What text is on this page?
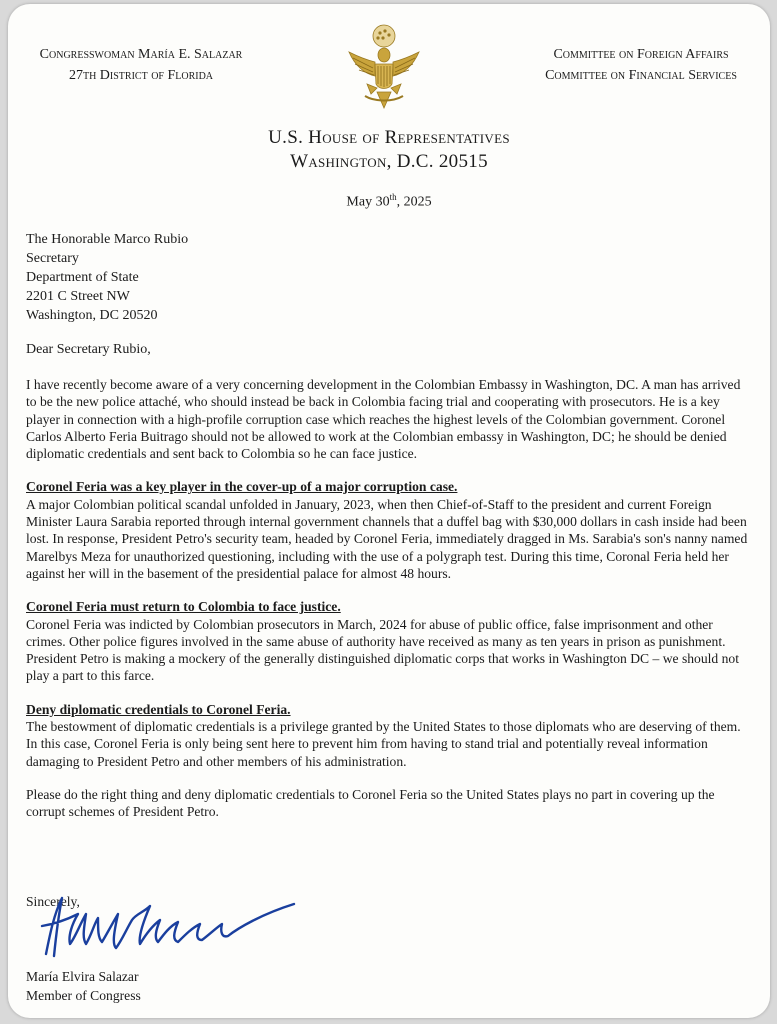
Congresswoman María E. Salazar
27th District of Florida
Committee on Foreign Affairs
Committee on Financial Services
U.S. House of Representatives
Washington, D.C. 20515
May 30th, 2025
The Honorable Marco Rubio
Secretary
Department of State
2201 C Street NW
Washington, DC 20520
Dear Secretary Rubio,

I have recently become aware of a very concerning development in the Colombian Embassy in Washington, DC. A man has arrived to be the new police attaché, who should instead be back in Colombia facing trial and cooperating with prosecutors. He is a key player in connection with a high-profile corruption case which reaches the highest levels of the Colombian government. Coronel Carlos Alberto Feria Buitrago should not be allowed to work at the Colombian embassy in Washington, DC; he should be denied diplomatic credentials and sent back to Colombia so he can face justice.

Coronel Feria was a key player in the cover-up of a major corruption case.
A major Colombian political scandal unfolded in January, 2023, when then Chief-of-Staff to the president and current Foreign Minister Laura Sarabia reported through internal government channels that a duffel bag with $30,000 dollars in cash inside had been lost. In response, President Petro's security team, headed by Coronel Feria, immediately dragged in Ms. Sarabia's son's nanny named Marelbys Meza for unauthorized questioning, including with the use of a polygraph test. During this time, Coronal Feria held her against her will in the basement of the presidential palace for almost 48 hours.

Coronel Feria must return to Colombia to face justice.
Coronel Feria was indicted by Colombian prosecutors in March, 2024 for abuse of public office, false imprisonment and other crimes. Other police figures involved in the same abuse of authority have received as many as ten years in prison as punishment. President Petro is making a mockery of the generally distinguished diplomatic corps that works in Washington DC – we should not play a part to this farce.

Deny diplomatic credentials to Coronel Feria.
The bestowment of diplomatic credentials is a privilege granted by the United States to those diplomats who are deserving of them. In this case, Coronel Feria is only being sent here to prevent him from having to stand trial and potentially reveal information damaging to President Petro and other members of his administration.

Please do the right thing and deny diplomatic credentials to Coronel Feria so the United States plays no part in covering up the corrupt schemes of President Petro.

Sincerely,
María Elvira Salazar
Member of Congress
